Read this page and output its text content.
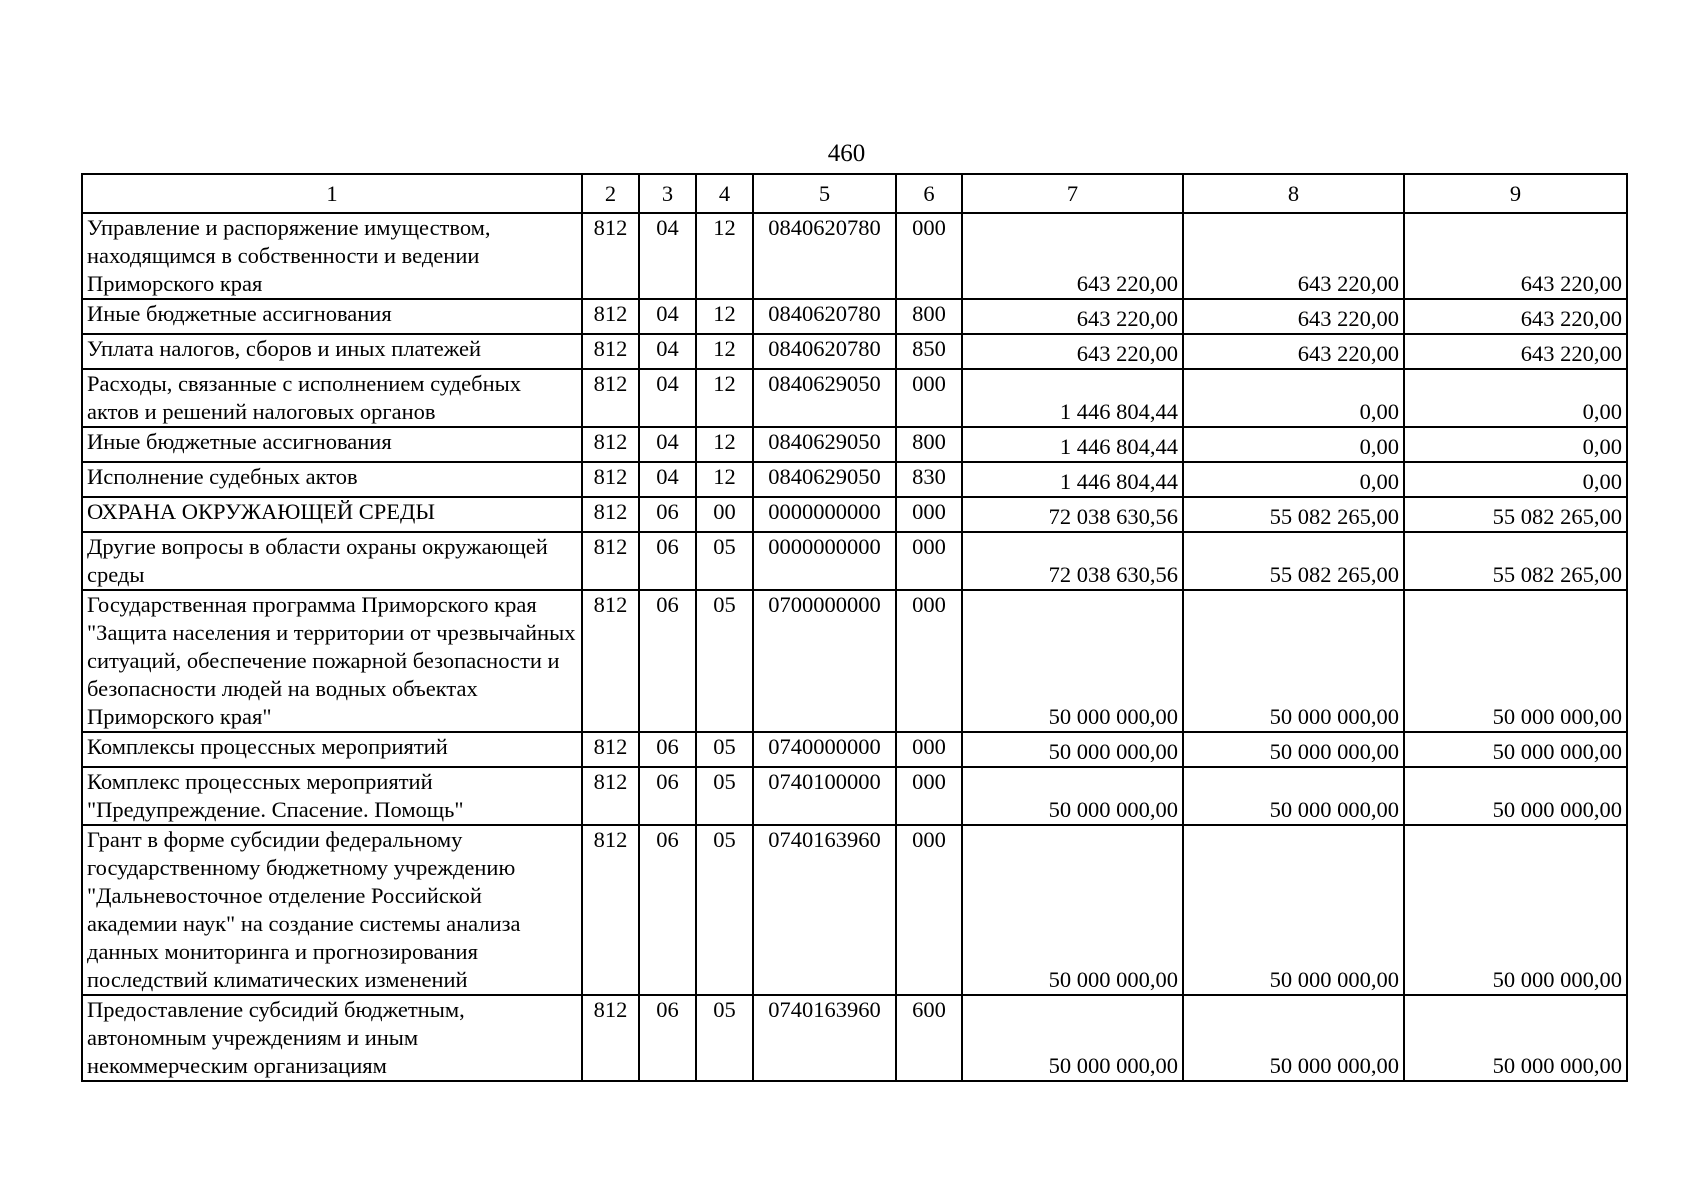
460
1	2	3	4	5	6	7	8	9
Управление и распоряжение имуществом, находящимся в собственности и ведении Приморского края	812	04	12	0840620780	000	643 220,00	643 220,00	643 220,00
Иные бюджетные ассигнования	812	04	12	0840620780	800	643 220,00	643 220,00	643 220,00
Уплата налогов, сборов и иных платежей	812	04	12	0840620780	850	643 220,00	643 220,00	643 220,00
Расходы, связанные с исполнением судебных актов и решений налоговых органов	812	04	12	0840629050	000	1 446 804,44	0,00	0,00
Иные бюджетные ассигнования	812	04	12	0840629050	800	1 446 804,44	0,00	0,00
Исполнение судебных актов	812	04	12	0840629050	830	1 446 804,44	0,00	0,00
ОХРАНА ОКРУЖАЮЩЕЙ СРЕДЫ	812	06	00	0000000000	000	72 038 630,56	55 082 265,00	55 082 265,00
Другие вопросы в области охраны окружающей среды	812	06	05	0000000000	000	72 038 630,56	55 082 265,00	55 082 265,00
Государственная программа Приморского края "Защита населения и территории от чрезвычайных ситуаций, обеспечение пожарной безопасности и безопасности людей на водных объектах Приморского края"	812	06	05	0700000000	000	50 000 000,00	50 000 000,00	50 000 000,00
Комплексы процессных мероприятий	812	06	05	0740000000	000	50 000 000,00	50 000 000,00	50 000 000,00
Комплекс процессных мероприятий "Предупреждение. Спасение. Помощь"	812	06	05	0740100000	000	50 000 000,00	50 000 000,00	50 000 000,00
Грант в форме субсидии федеральному государственному бюджетному учреждению "Дальневосточное отделение Российской академии наук" на создание системы анализа данных мониторинга и прогнозирования последствий климатических изменений	812	06	05	0740163960	000	50 000 000,00	50 000 000,00	50 000 000,00
Предоставление субсидий бюджетным, автономным учреждениям и иным некоммерческим организациям	812	06	05	0740163960	600	50 000 000,00	50 000 000,00	50 000 000,00
